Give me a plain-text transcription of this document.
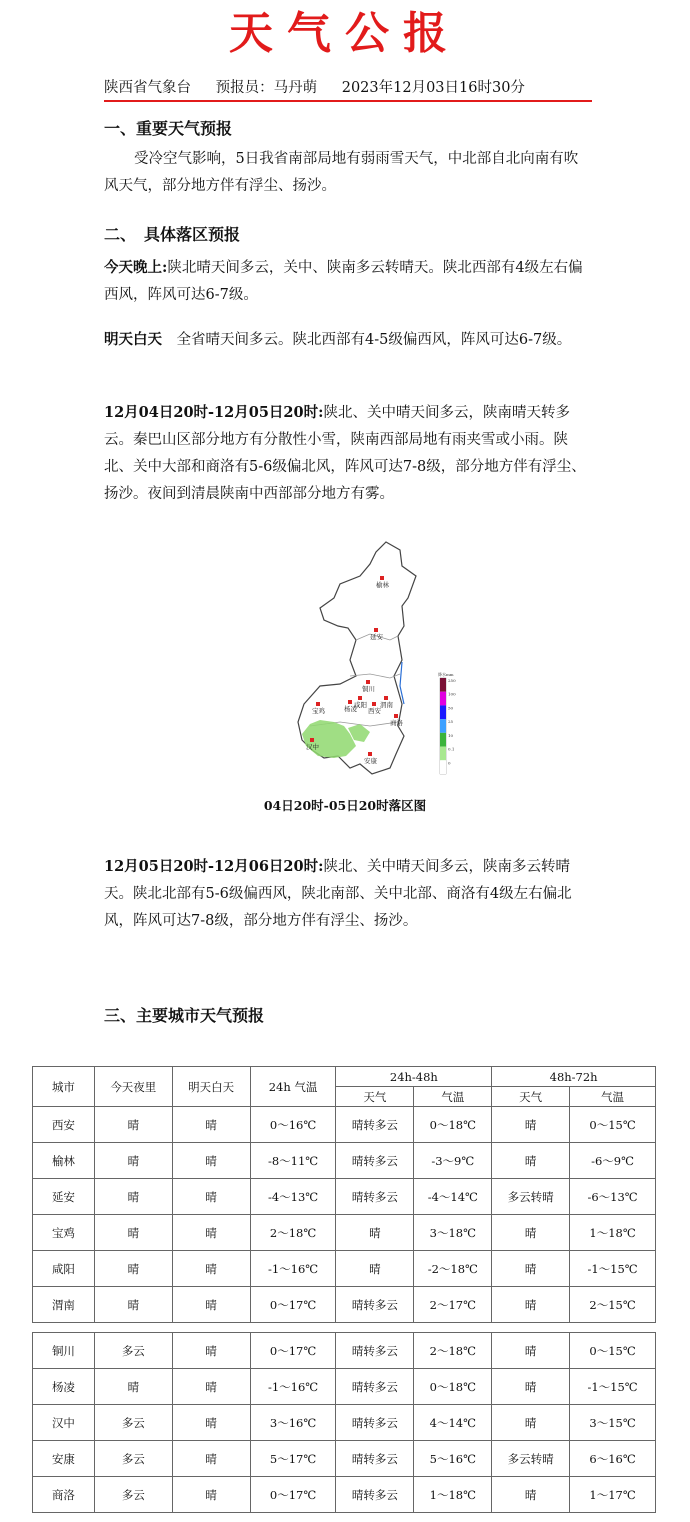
天气公报
陕西省气象台 预报员：马丹萌 2023年12月03日16时30分
一、重要天气预报
受冷空气影响，5日我省南部局地有弱雨雪天气，中北部自北向南有吹风天气，部分地方伴有浮尘、扬沙。
二、　具体落区预报
今天晚上:陕北晴天间多云，关中、陕南多云转晴天。陕北西部有4级左右偏西风，阵风可达6-7级。
明天白天　 全省晴天间多云。陕北西部有4-5级偏西风，阵风可达6-7级。
12月04日20时-12月05日20时:陕北、关中晴天间多云，陕南晴天转多云。秦巴山区部分地方有分散性小雪，陕南西部局地有雨夹雪或小雨。陕北、关中大部和商洛有5-6级偏北风，阵风可达7-8级，部分地方伴有浮尘、扬沙。夜间到清晨陕南中西部部分地方有雾。
250
100
50
25
10
0.1
0
降水mm
榆林
延安
铜川
宝鸡	杨凌
咸阳
西安
渭南
商洛
汉中
安康
04日20时-05日20时落区图
12月05日20时-12月06日20时:陕北、关中晴天间多云，陕南多云转晴天。陕北北部有5-6级偏西风，陕北南部、关中北部、商洛有4级左右偏北风，阵风可达7-8级，部分地方伴有浮尘、扬沙。
三、主要城市天气预报
城市	今天夜里	明天白天	24h 气温	24h-48h		48h-72h	
				天气	气温	天气	气温
西安	晴	晴	0～16℃	晴转多云	0～18℃	晴	0～15℃
榆林	晴	晴	-8～11℃	晴转多云	-3～9℃	晴	-6～9℃
延安	晴	晴	-4～13℃	晴转多云	-4～14℃	多云转晴	-6～13℃
宝鸡	晴	晴	2～18℃	晴	3～18℃	晴	1～18℃
咸阳	晴	晴	-1～16℃	晴	-2～18℃	晴	-1～15℃
渭南	晴	晴	0～17℃	晴转多云	2～17℃	晴	2～15℃
铜川	多云	晴	0～17℃	晴转多云	2～18℃	晴	0～15℃
杨凌	晴	晴	-1～16℃	晴转多云	0～18℃	晴	-1～15℃
汉中	多云	晴	3～16℃	晴转多云	4～14℃	晴	3～15℃
安康	多云	晴	5～17℃	晴转多云	5～16℃	多云转晴	6～16℃
商洛	多云	晴	0～17℃	晴转多云	1～18℃	晴	1～17℃
